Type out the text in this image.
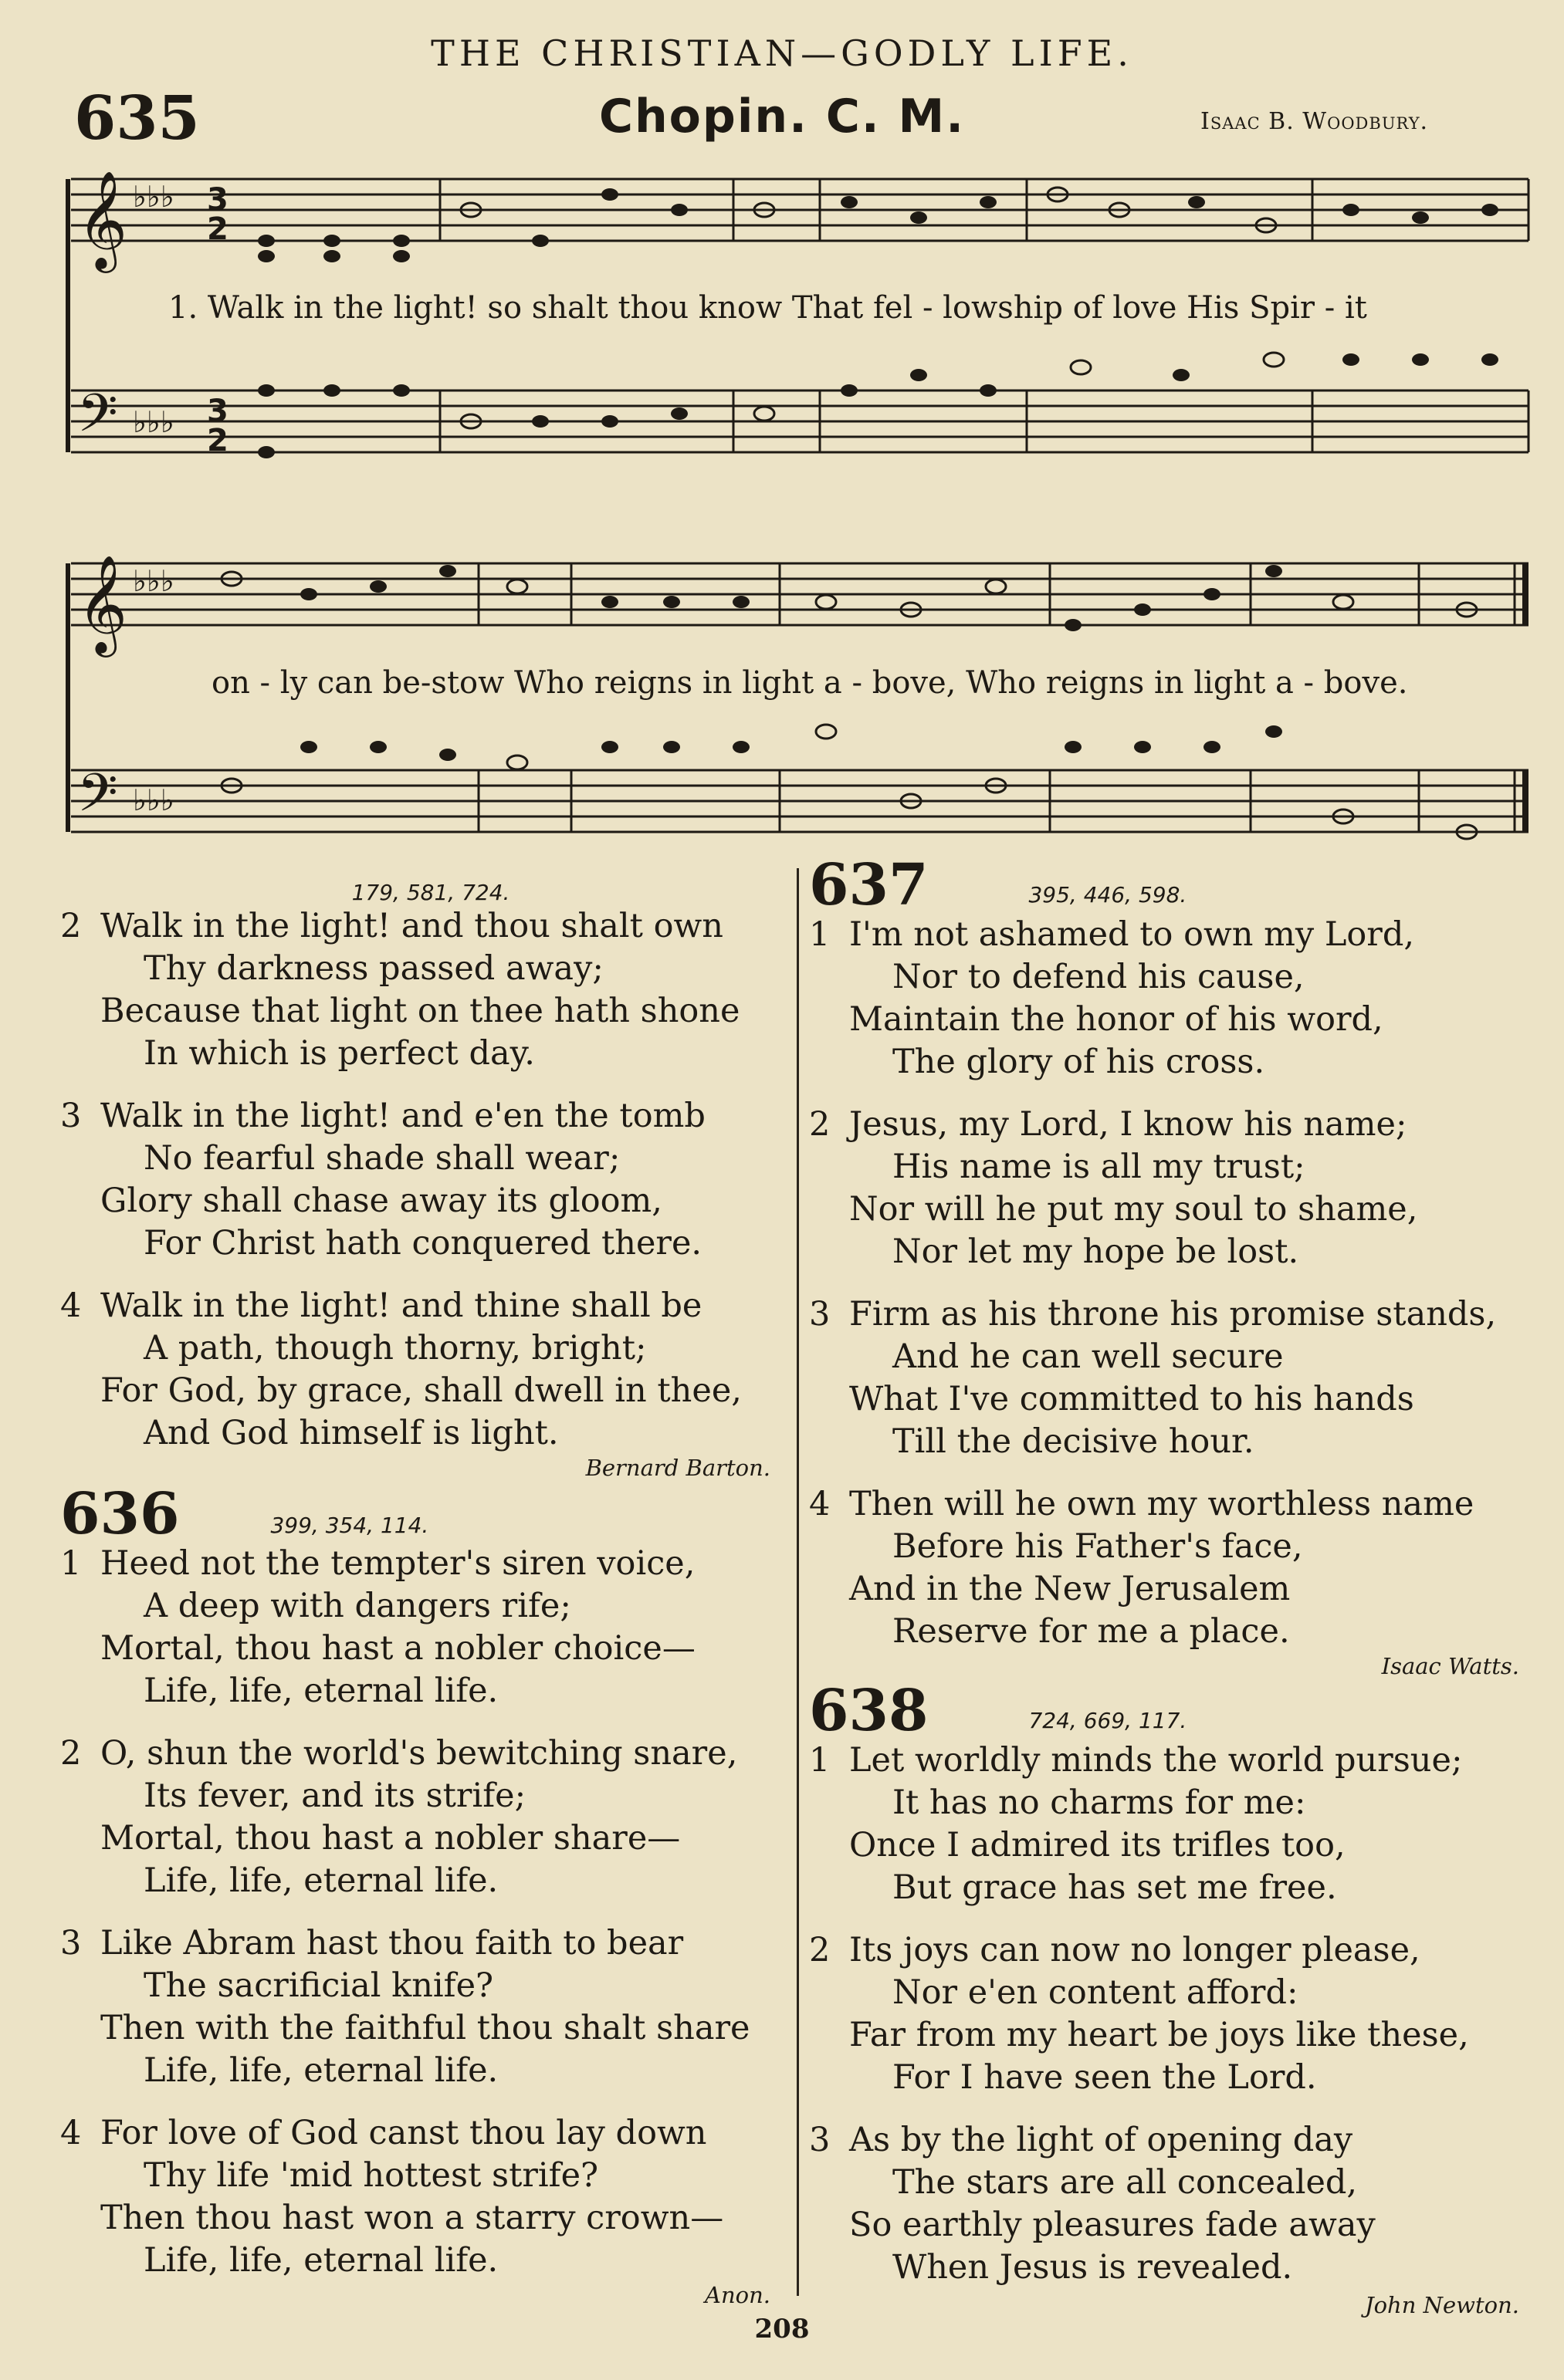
THE CHRISTIAN—GODLY LIFE.
635	Chopin. C. M.	Isaac B. Woodbury.
𝄞
𝄢
𝄞
𝄢
♭♭♭
♭♭♭
♭♭♭
♭♭♭
3
2
3
2
1. Walk in the light! so shalt thou know That fel - lowship of love His Spir - it
on - ly can be-stow Who reigns in light a - bove, Who reigns in light a - bove.
179, 581, 724.
2 Walk in the light! and thou shalt own
Thy darkness passed away;
Because that light on thee hath shone
In which is perfect day.
3 Walk in the light! and e'en the tomb
No fearful shade shall wear;
Glory shall chase away its gloom,
For Christ hath conquered there.
4 Walk in the light! and thine shall be
A path, though thorny, bright;
For God, by grace, shall dwell in thee,
And God himself is light.
Bernard Barton.
636	399, 354, 114.
1 Heed not the tempter's siren voice,
A deep with dangers rife;
Mortal, thou hast a nobler choice—
Life, life, eternal life.
2 O, shun the world's bewitching snare,
Its fever, and its strife;
Mortal, thou hast a nobler share—
Life, life, eternal life.
3 Like Abram hast thou faith to bear
The sacrificial knife?
Then with the faithful thou shalt share
Life, life, eternal life.
4 For love of God canst thou lay down
Thy life 'mid hottest strife?
Then thou hast won a starry crown—
Life, life, eternal life.
Anon.
637	395, 446, 598.
1 I'm not ashamed to own my Lord,
Nor to defend his cause,
Maintain the honor of his word,
The glory of his cross.
2 Jesus, my Lord, I know his name;
His name is all my trust;
Nor will he put my soul to shame,
Nor let my hope be lost.
3 Firm as his throne his promise stands,
And he can well secure
What I've committed to his hands
Till the decisive hour.
4 Then will he own my worthless name
Before his Father's face,
And in the New Jerusalem
Reserve for me a place.
Isaac Watts.
638	724, 669, 117.
1 Let worldly minds the world pursue;
It has no charms for me:
Once I admired its trifles too,
But grace has set me free.
2 Its joys can now no longer please,
Nor e'en content afford:
Far from my heart be joys like these,
For I have seen the Lord.
3 As by the light of opening day
The stars are all concealed,
So earthly pleasures fade away
When Jesus is revealed.
John Newton.
208
